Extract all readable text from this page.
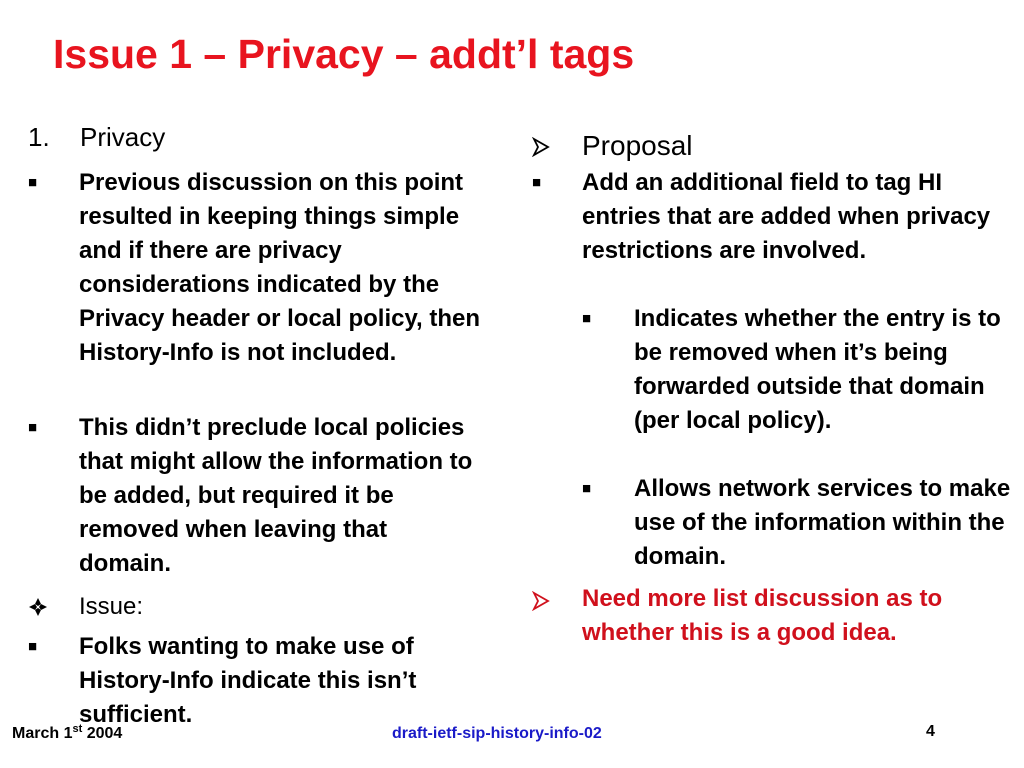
Issue 1 – Privacy – addt’l tags
1.	Privacy
■ Previous discussion on this point resulted in keeping things simple and if there are privacy considerations indicated by the Privacy header or local policy, then History-Info is not included.
■ This didn’t preclude local policies that might allow the information to be added, but required it be removed when leaving that domain.
Issue:
■ Folks wanting to make use of History-Info indicate this isn’t sufficient.
Proposal
■ Add an additional field to tag HI entries that are added when privacy restrictions are involved.
■ Indicates whether the entry is to be removed when it’s being forwarded outside that domain (per local policy).
■ Allows network services to make use of the information within the domain.
Need more list discussion as to whether this is a good idea.
March 1st 2004	draft-ietf-sip-history-info-02	4
